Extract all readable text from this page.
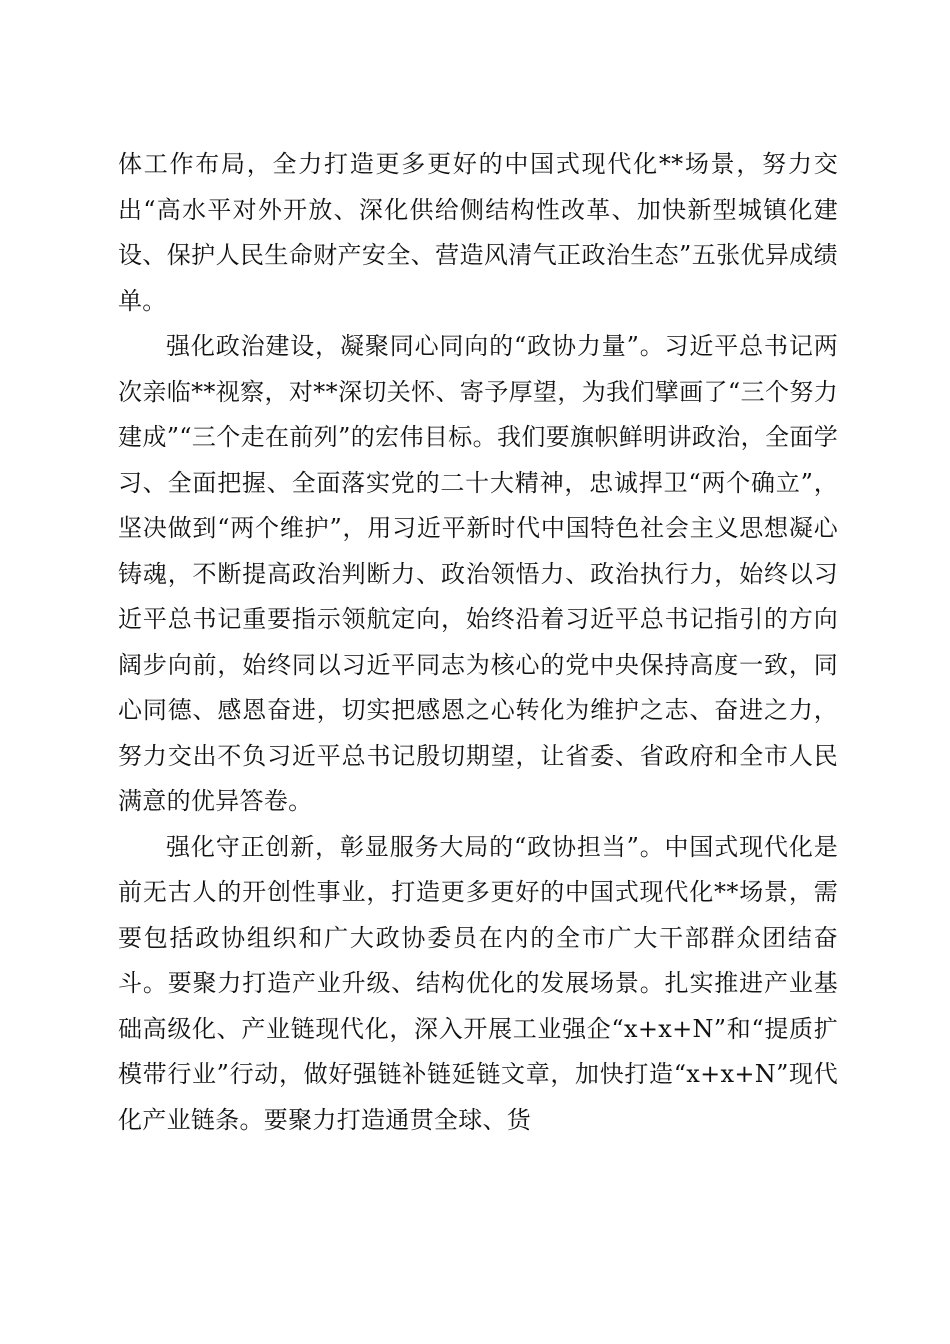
体工作布局，全力打造更多更好的中国式现代化**场景，努力交出“高水平对外开放、深化供给侧结构性改革、加快新型城镇化建设、保护人民生命财产安全、营造风清气正政治生态”五张优异成绩单。

强化政治建设，凝聚同心同向的“政协力量”。习近平总书记两次亲临**视察，对**深切关怀、寄予厚望，为我们擘画了“三个努力建成”“三个走在前列”的宏伟目标。我们要旗帜鲜明讲政治，全面学习、全面把握、全面落实党的二十大精神，忠诚捍卫“两个确立”，坚决做到“两个维护”，用习近平新时代中国特色社会主义思想凝心铸魂，不断提高政治判断力、政治领悟力、政治执行力，始终以习近平总书记重要指示领航定向，始终沿着习近平总书记指引的方向阔步向前，始终同以习近平同志为核心的党中央保持高度一致，同心同德、感恩奋进，切实把感恩之心转化为维护之志、奋进之力，努力交出不负习近平总书记殷切期望，让省委、省政府和全市人民满意的优异答卷。

强化守正创新，彰显服务大局的“政协担当”。中国式现代化是前无古人的开创性事业，打造更多更好的中国式现代化**场景，需要包括政协组织和广大政协委员在内的全市广大干部群众团结奋斗。要聚力打造产业升级、结构优化的发展场景。扎实推进产业基础高级化、产业链现代化，深入开展工业强企“x+x+N”和“提质扩模带行业”行动，做好强链补链延链文章，加快打造“x+x+N”现代化产业链条。要聚力打造通贯全球、货
